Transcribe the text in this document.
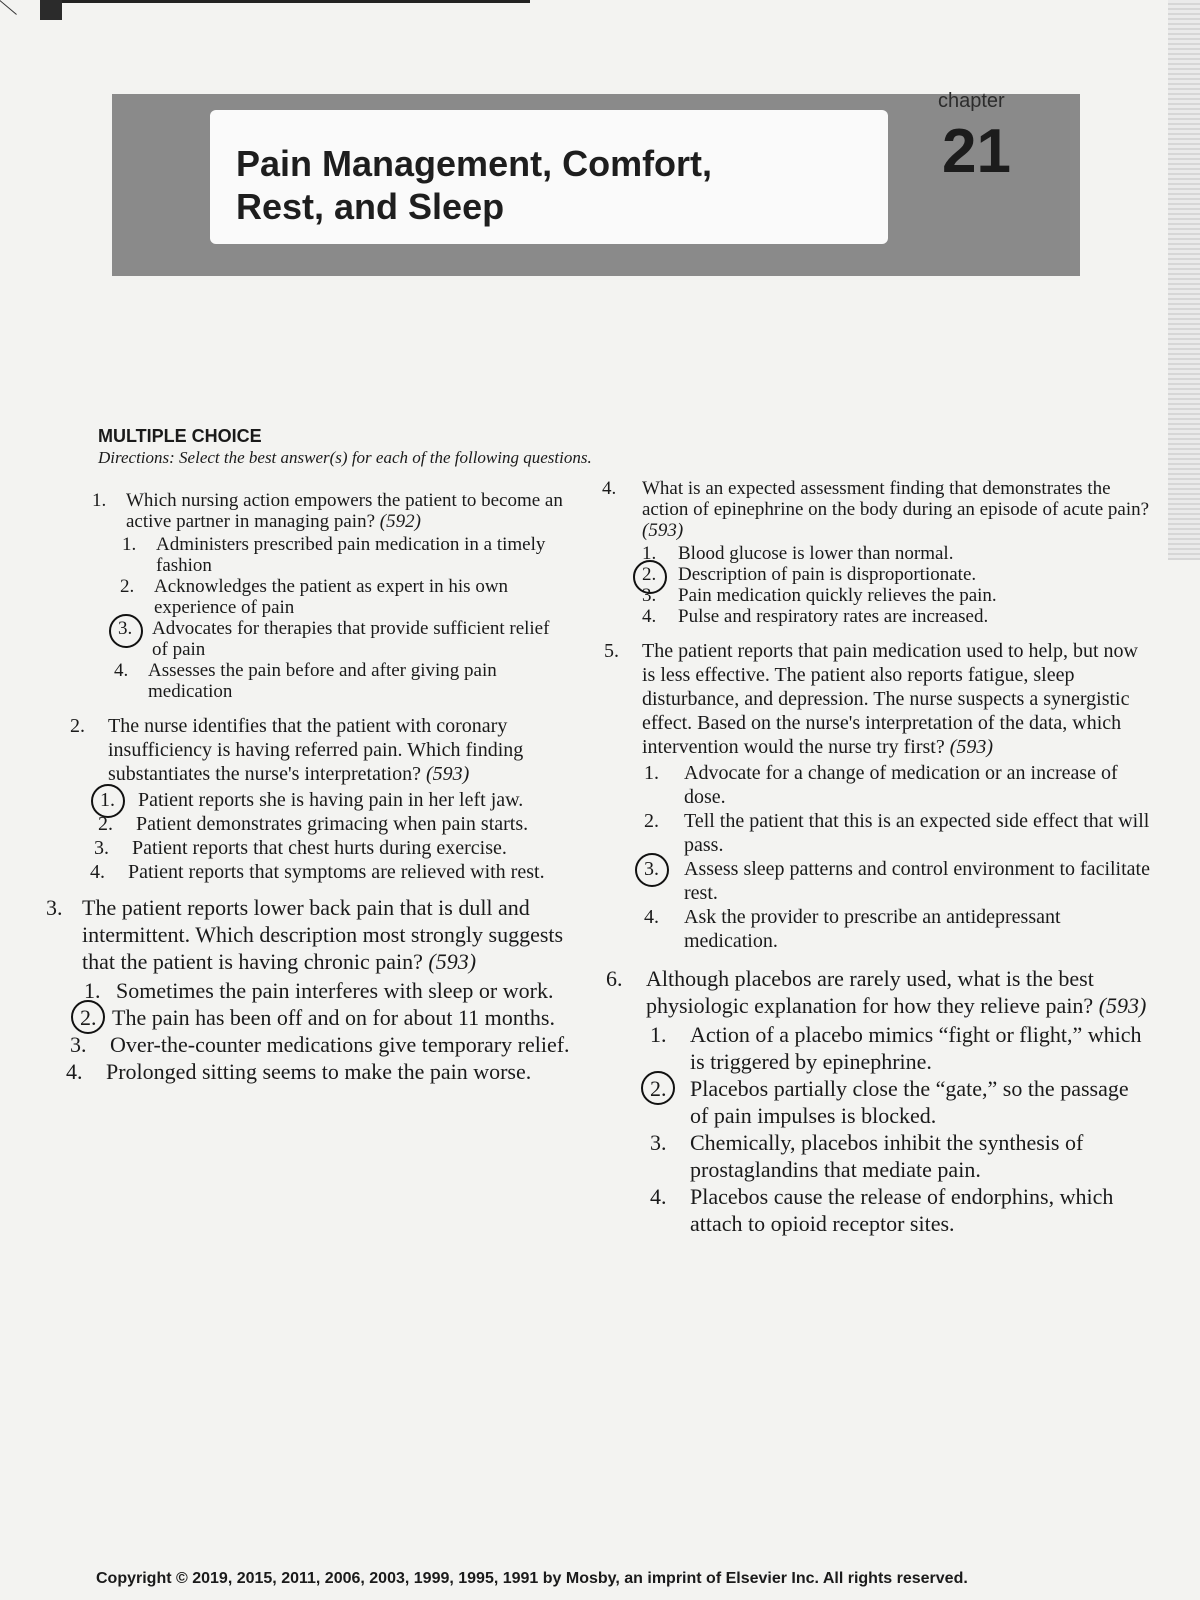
Pain Management, Comfort,
Rest, and Sleep
chapter
21
MULTIPLE CHOICE
Directions: Select the best answer(s) for each of the following questions.
1.	Which nursing action empowers the patient to become an active partner in managing pain? (592)
1.	Administers prescribed pain medication in a timely fashion
2.	Acknowledges the patient as expert in his own experience of pain
3.	Advocates for therapies that provide sufficient relief of pain
4.	Assesses the pain before and after giving pain medication
2.	The nurse identifies that the patient with coronary insufficiency is having referred pain. Which finding substantiates the nurse's interpretation? (593)
1.	Patient reports she is having pain in her left jaw.
2.	Patient demonstrates grimacing when pain starts.
3.	Patient reports that chest hurts during exercise.
4.	Patient reports that symptoms are relieved with rest.
3. The patient reports lower back pain that is dull and intermittent. Which description most strongly suggests that the patient is having chronic pain? (593)
1. Sometimes the pain interferes with sleep or work.
2. The pain has been off and on for about 11 months.
3.	Over-the-counter medications give temporary relief.
4.	Prolonged sitting seems to make the pain worse.
4.	What is an expected assessment finding that demonstrates the action of epinephrine on the body during an episode of acute pain? (593)
1.	Blood glucose is lower than normal.
2.	Description of pain is disproportionate.
3.	Pain medication quickly relieves the pain.
4.	Pulse and respiratory rates are increased.
5.	The patient reports that pain medication used to help, but now is less effective. The patient also reports fatigue, sleep disturbance, and depression. The nurse suspects a synergistic effect. Based on the nurse's interpretation of the data, which intervention would the nurse try first? (593)
1.	Advocate for a change of medication or an increase of dose.
2.	Tell the patient that this is an expected side effect that will pass.
3.	Assess sleep patterns and control environment to facilitate rest.
4.	Ask the provider to prescribe an antidepressant medication.
6.	Although placebos are rarely used, what is the best physiologic explanation for how they relieve pain? (593)
1.	Action of a placebo mimics “fight or flight,” which is triggered by epinephrine.
2.	Placebos partially close the “gate,” so the passage of pain impulses is blocked.
3.	Chemically, placebos inhibit the synthesis of prostaglandins that mediate pain.
4.	Placebos cause the release of endorphins, which attach to opioid receptor sites.
Copyright © 2019, 2015, 2011, 2006, 2003, 1999, 1995, 1991 by Mosby, an imprint of Elsevier Inc. All rights reserved.
